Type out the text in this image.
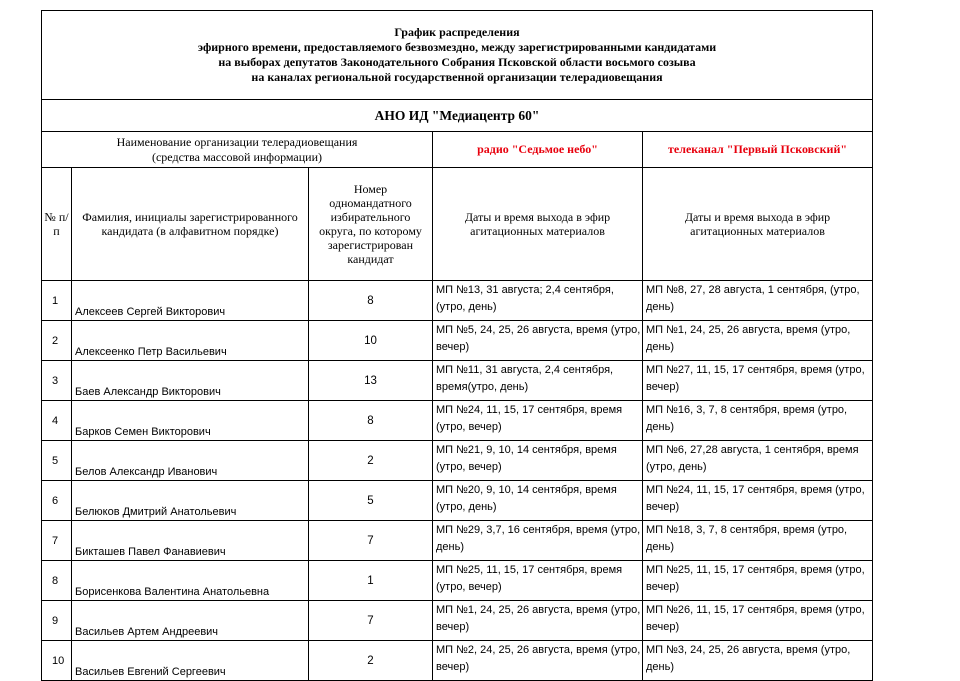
График распределения
эфирного времени, предоставляемого безвозмездно, между зарегистрированными кандидатами
на выборах депутатов Законодательного Собрания Псковской области восьмого созыва
на каналах региональной государственной организации телерадиовещания				

АНО ИД "Медиацентр 60"				

Наименование организации телерадиовещания
(средства массовой информации)			радио "Седьмое небо"	телеканал "Первый Псковский"
№ п/п	Фамилия, инициалы зарегистрированного кандидата (в алфавитном порядке)	Номер одномандатного избирательного округа, по которому зарегистрирован кандидат	Даты и время выхода в эфир агитационных материалов	Даты и время выхода в эфир агитационных материалов
1	Алексеев Сергей Викторович	8	МП №13, 31 августа; 2,4 сентября, (утро, день)	МП №8, 27, 28 августа, 1 сентября, (утро, день)
2	Алексеенко Петр Васильевич	10	МП №5, 24, 25, 26 августа, время (утро, вечер)	МП №1, 24, 25, 26 августа, время (утро, день)
3	Баев Александр Викторович	13	МП №11, 31 августа, 2,4 сентября, время(утро, день)	МП №27, 11, 15, 17 сентября, время (утро, вечер)
4	Барков Семен Викторович	8	МП №24, 11, 15, 17 сентября, время (утро, вечер)	МП №16, 3, 7, 8 сентября, время (утро, день)
5	Белов Александр Иванович	2	МП №21, 9, 10, 14 сентября, время (утро, вечер)	МП №6, 27,28 августа, 1 сентября, время (утро, день)
6	Белюков Дмитрий Анатольевич	5	МП №20, 9, 10, 14 сентября, время (утро, день)	МП №24, 11, 15, 17 сентября, время (утро, вечер)
7	Бикташев Павел Фанавиевич	7	МП №29, 3,7, 16 сентября, время (утро, день)	МП №18, 3, 7, 8 сентября, время (утро, день)
8	Борисенкова Валентина Анатольевна	1	МП №25, 11, 15, 17 сентября, время (утро, вечер)	МП №25, 11, 15, 17 сентября, время (утро, вечер)
9	Васильев Артем Андреевич	7	МП №1, 24, 25, 26 августа, время (утро, вечер)	МП №26, 11, 15, 17 сентября, время (утро, вечер)
10	Васильев Евгений Сергеевич	2	МП №2, 24, 25, 26 августа, время (утро, вечер)	МП №3, 24, 25, 26 августа, время (утро, день)
